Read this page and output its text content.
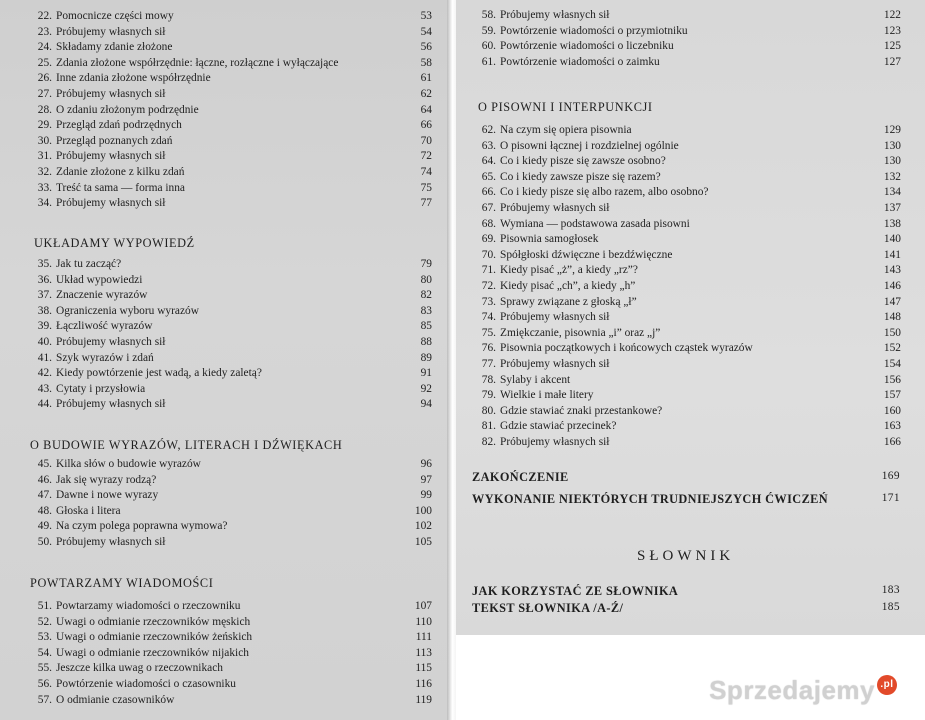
UKŁADAMY WYPOWIEDŹ
O BUDOWIE WYRAZÓW, LITERACH I DŹWIĘKACH
POWTARZAMY WIADOMOŚCI
O PISOWNI I INTERPUNKCJI
ZAKOŃCZENIE	169
WYKONANIE NIEKTÓRYCH TRUDNIEJSZYCH ĆWICZEŃ	171
SŁOWNIK
JAK KORZYSTAĆ ZE SŁOWNIKA	183
TEKST SŁOWNIKA /A-Ź/	185
22. Pomocnicze części mowy	53
23. Próbujemy własnych sił	54
24. Składamy zdanie złożone	56
25. Zdania złożone współrzędnie: łączne, rozłączne i wyłączające	58
26. Inne zdania złożone współrzędnie	61
27. Próbujemy własnych sił	62
28. O zdaniu złożonym podrzędnie	64
29. Przegląd zdań podrzędnych	66
30. Przegląd poznanych zdań	70
31. Próbujemy własnych sił	72
32. Zdanie złożone z kilku zdań	74
33. Treść ta sama — forma inna	75
34. Próbujemy własnych sił	77
35. Jak tu zacząć?	79
36. Układ wypowiedzi	80
37. Znaczenie wyrazów	82
38. Ograniczenia wyboru wyrazów	83
39. Łączliwość wyrazów	85
40. Próbujemy własnych sił	88
41. Szyk wyrazów i zdań	89
42. Kiedy powtórzenie jest wadą, a kiedy zaletą?	91
43. Cytaty i przysłowia	92
44. Próbujemy własnych sił	94
45. Kilka słów o budowie wyrazów	96
46. Jak się wyrazy rodzą?	97
47. Dawne i nowe wyrazy	99
48. Głoska i litera	100
49. Na czym polega poprawna wymowa?	102
50. Próbujemy własnych sił	105
51. Powtarzamy wiadomości o rzeczowniku	107
52. Uwagi o odmianie rzeczowników męskich	110
53. Uwagi o odmianie rzeczowników żeńskich	111
54. Uwagi o odmianie rzeczowników nijakich	113
55. Jeszcze kilka uwag o rzeczownikach	115
56. Powtórzenie wiadomości o czasowniku	116
57. O odmianie czasowników	119
58. Próbujemy własnych sił	122
59. Powtórzenie wiadomości o przymiotniku	123
60. Powtórzenie wiadomości o liczebniku	125
61. Powtórzenie wiadomości o zaimku	127
62. Na czym się opiera pisownia	129
63. O pisowni łącznej i rozdzielnej ogólnie	130
64. Co i kiedy pisze się zawsze osobno?	130
65. Co i kiedy zawsze pisze się razem?	132
66. Co i kiedy pisze się albo razem, albo osobno?	134
67. Próbujemy własnych sił	137
68. Wymiana — podstawowa zasada pisowni	138
69. Pisownia samogłosek	140
70. Spółgłoski dźwięczne i bezdźwięczne	141
71. Kiedy pisać „ż”, a kiedy „rz”?	143
72. Kiedy pisać „ch”, a kiedy „h”	146
73. Sprawy związane z głoską „ł”	147
74. Próbujemy własnych sił	148
75. Zmiękczanie, pisownia „i” oraz „j”	150
76. Pisownia początkowych i końcowych cząstek wyrazów	152
77. Próbujemy własnych sił	154
78. Sylaby i akcent	156
79. Wielkie i małe litery	157
80. Gdzie stawiać znaki przestankowe?	160
81. Gdzie stawiać przecinek?	163
82. Próbujemy własnych sił	166
Sprzedajemy .pl
